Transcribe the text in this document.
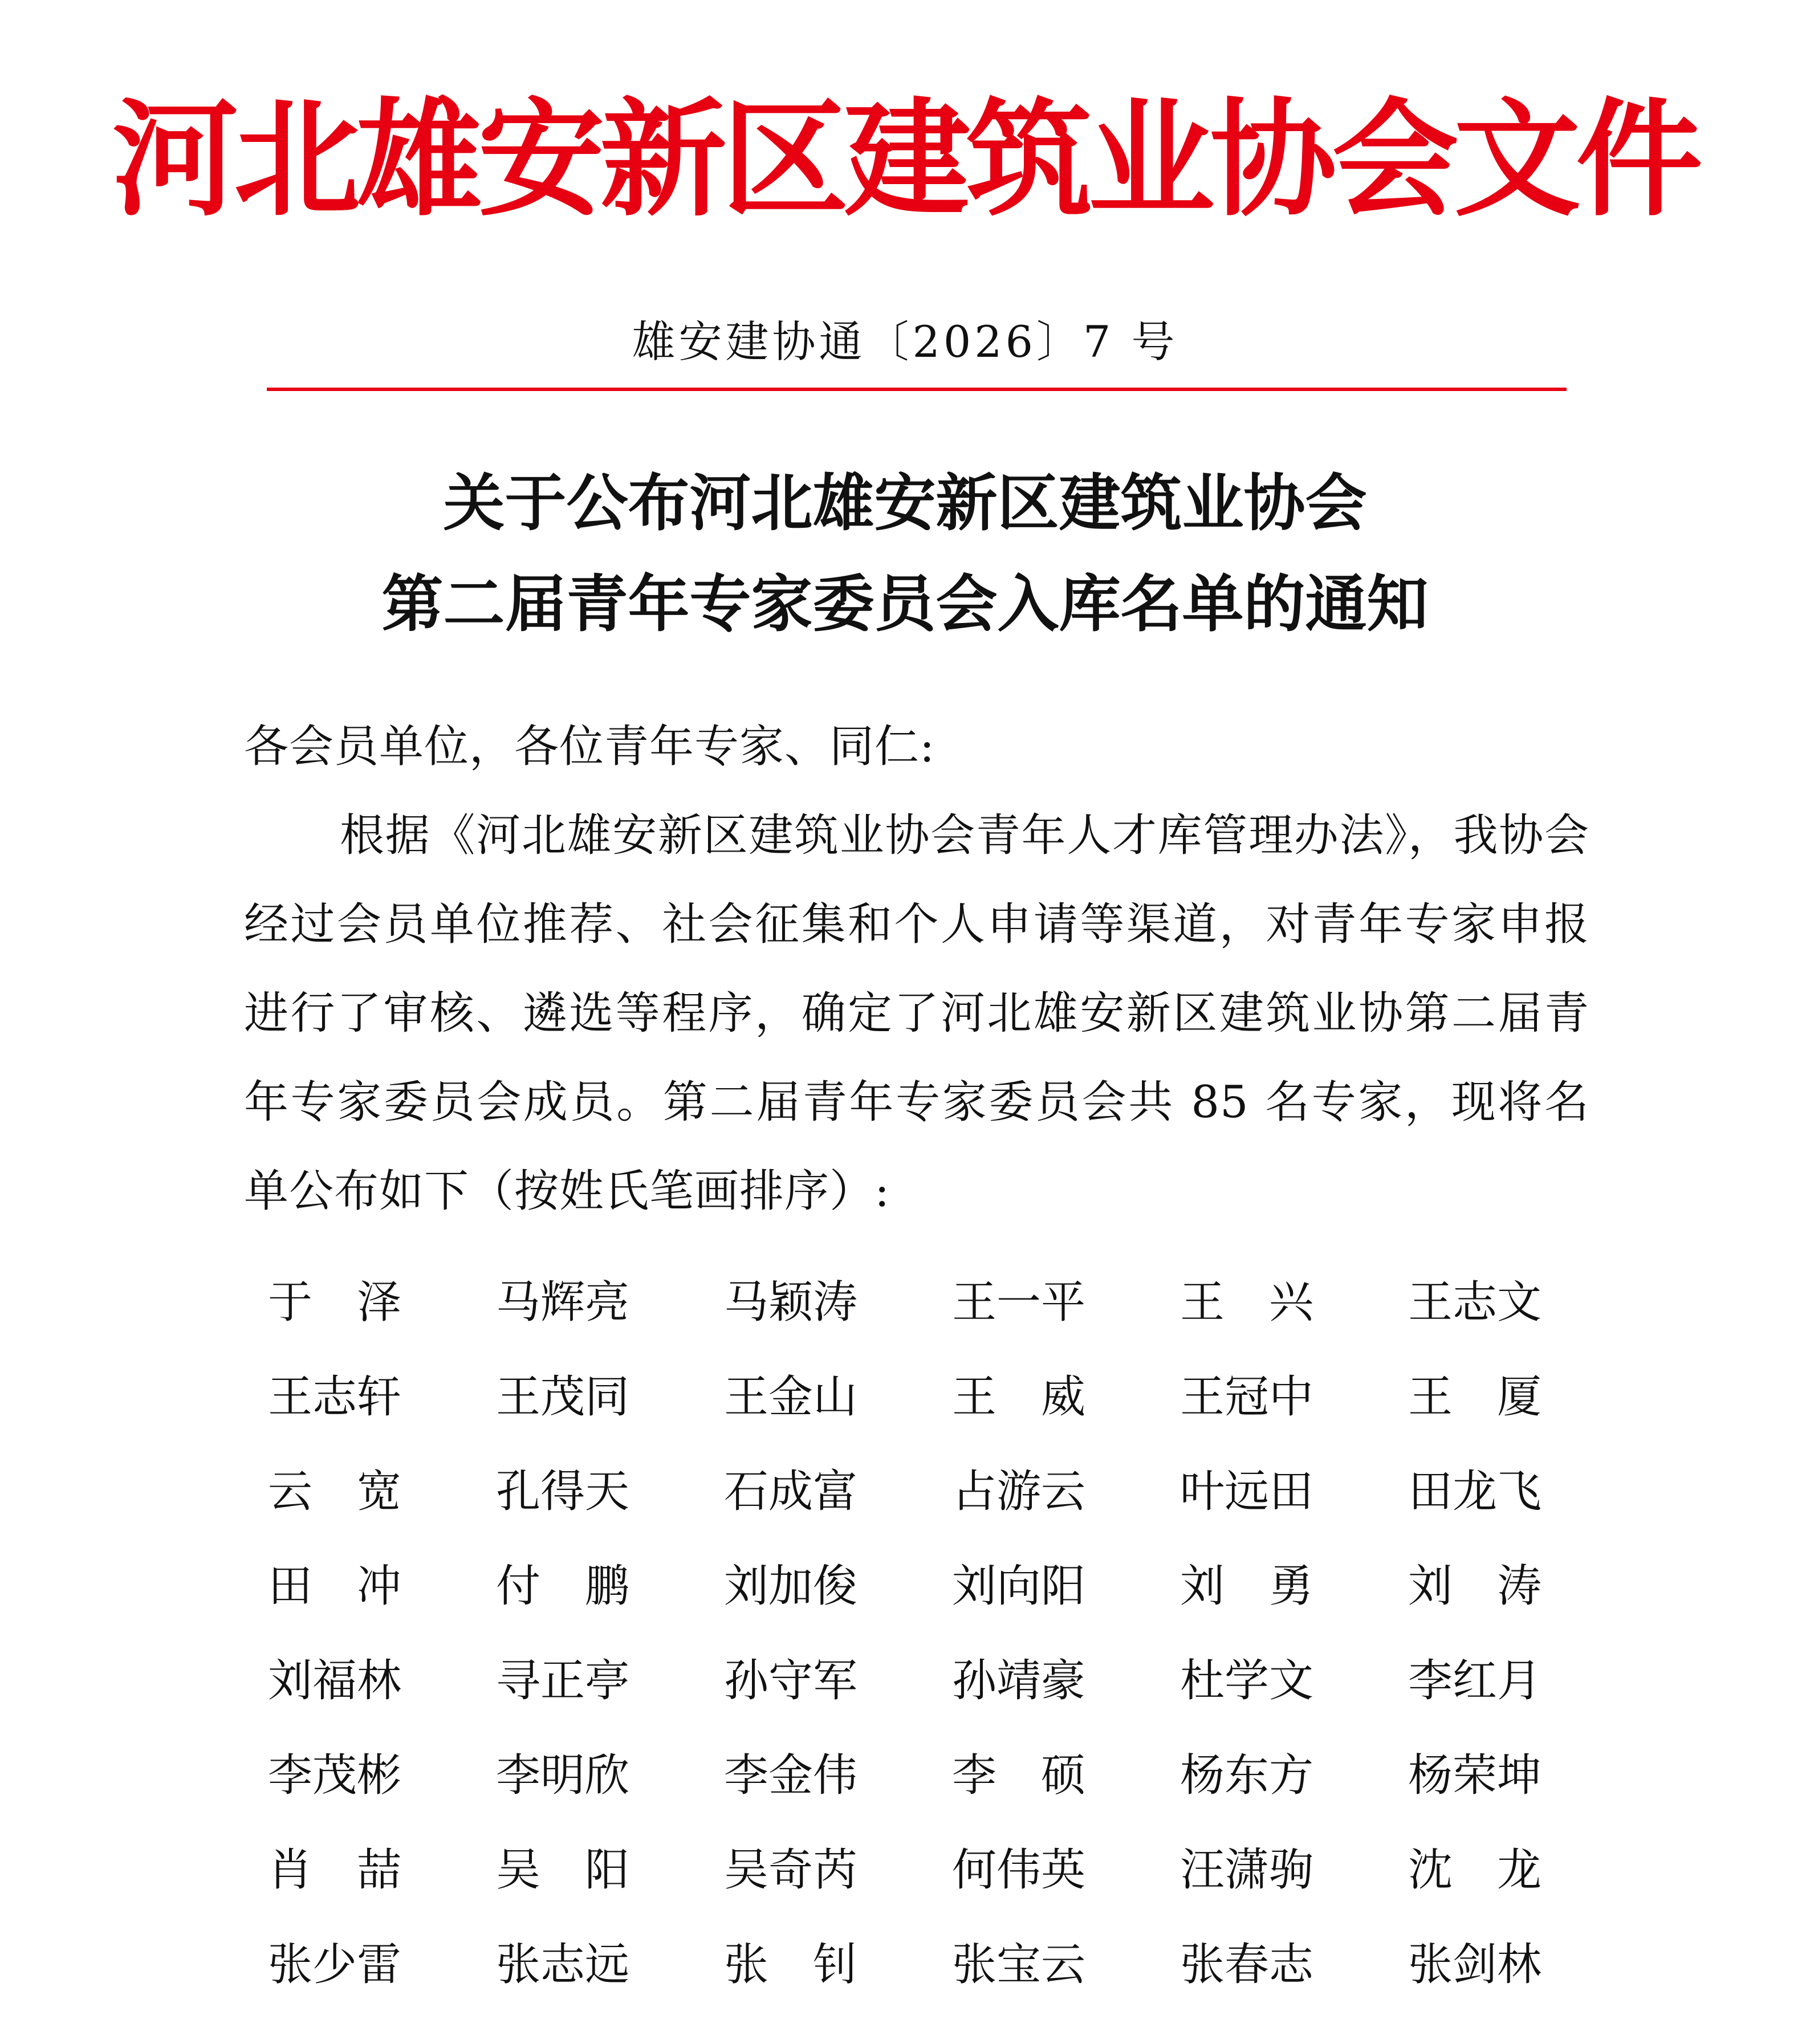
河北雄安新区建筑业协会文件
雄安建协通〔2026〕7 号
关于公布河北雄安新区建筑业协会
第二届青年专家委员会入库名单的通知
各会员单位，各位青年专家、同仁:
根据《河北雄安新区建筑业协会青年人才库管理办法》，我协会经过会员单位推荐、社会征集和个人申请等渠道，对青年专家申报进行了审核、遴选等程序，确定了河北雄安新区建筑业协第二届青年专家委员会成员。第二届青年专家委员会共 85 名专家，现将名单公布如下（按姓氏笔画排序）:
于　泽	马辉亮	马颖涛	王一平	王　兴	王志文
王志轩	王茂同	王金山	王　威	王冠中	王　厦
云　宽	孔得天	石成富	占游云	叶远田	田龙飞
田　冲	付　鹏	刘加俊	刘向阳	刘　勇	刘　涛
刘福林	寻正亭	孙守军	孙靖豪	杜学文	李红月
李茂彬	李明欣	李金伟	李　硕	杨东方	杨荣坤
肖　喆	吴　阳	吴奇芮	何伟英	汪潇驹	沈　龙
张少雷	张志远	张　钊	张宝云	张春志	张剑林
